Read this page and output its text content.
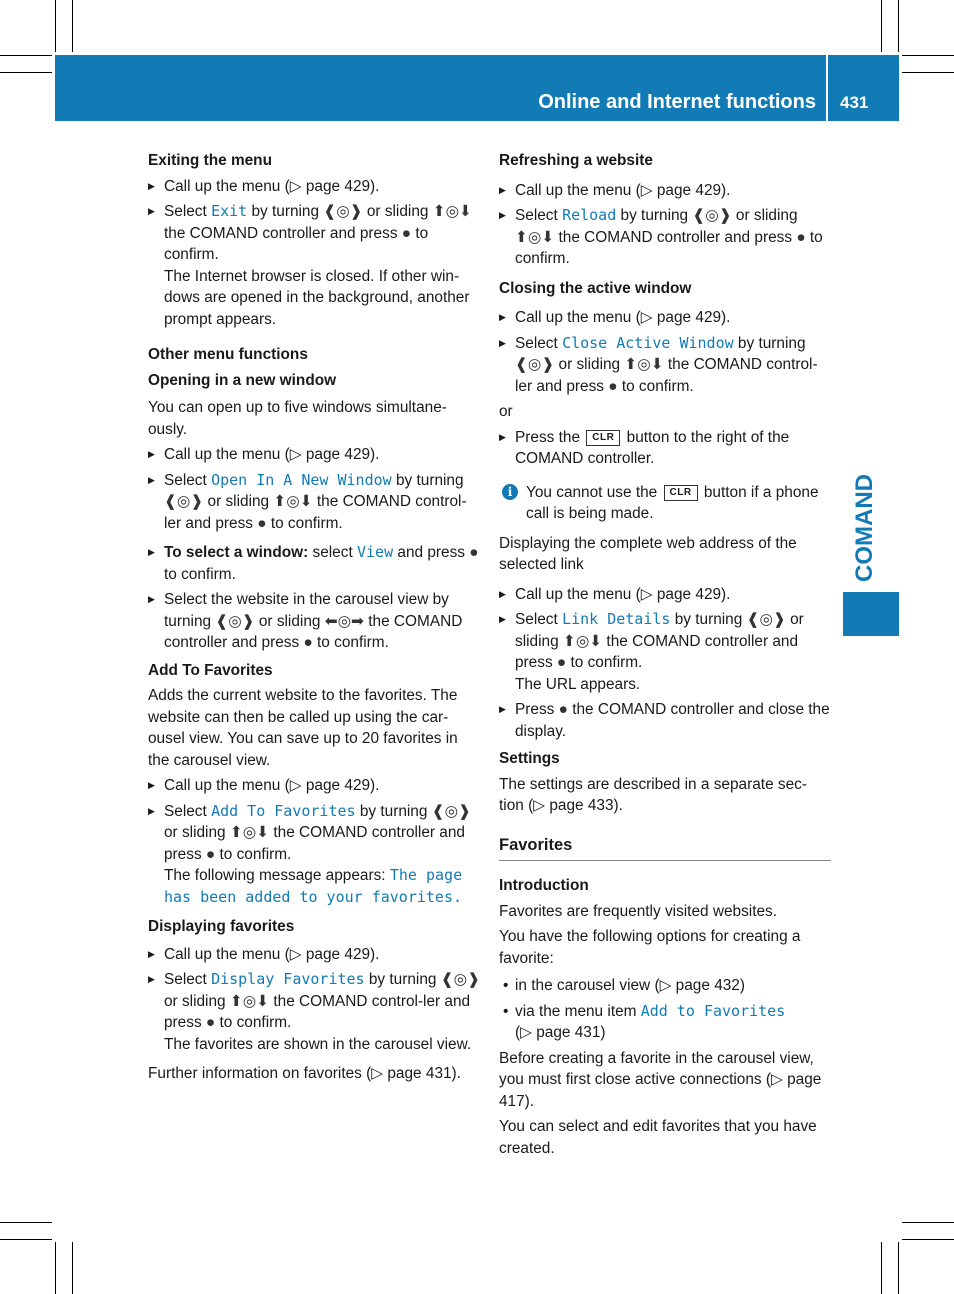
Online and Internet functions 431
COMAND

Exiting the menu

▶ Call up the menu (▷ page 429).

▶ Select Exit by turning ❰◎❱ or sliding ⬆◎⬇ the COMAND controller and press ● to confirm.
The Internet browser is closed. If other win-dows are opened in the background, another prompt appears.

Other menu functions

Opening in a new window

You can open up to five windows simultane-ously.

▶ Call up the menu (▷ page 429).

▶ Select Open In A New Window by turning ❰◎❱ or sliding ⬆◎⬇ the COMAND control-ler and press ● to confirm.

▶ To select a window: select View and press ● to confirm.

▶ Select the website in the carousel view by turning ❰◎❱ or sliding ⬅◎➡ the COMAND controller and press ● to confirm.

Add To Favorites

Adds the current website to the favorites. The website can then be called up using the car-ousel view. You can save up to 20 favorites in the carousel view.

▶ Call up the menu (▷ page 429).

▶ Select Add To Favorites by turning ❰◎❱ or sliding ⬆◎⬇ the COMAND controller and press ● to confirm.
The following message appears: The page has been added to your favorites.

Displaying favorites

▶ Call up the menu (▷ page 429).

▶ Select Display Favorites by turning ❰◎❱ or sliding ⬆◎⬇ the COMAND control-ler and press ● to confirm.
The favorites are shown in the carousel view.

Further information on favorites (▷ page 431).

Refreshing a website

▶ Call up the menu (▷ page 429).

▶ Select Reload by turning ❰◎❱ or sliding ⬆◎⬇ the COMAND controller and press ● to confirm.

Closing the active window

▶ Call up the menu (▷ page 429).

▶ Select Close Active Window by turning ❰◎❱ or sliding ⬆◎⬇ the COMAND control-ler and press ● to confirm.

or

▶ Press the CLR button to the right of the COMAND controller.

i You cannot use the CLR button if a phone call is being made.

Displaying the complete web address of the selected link

▶ Call up the menu (▷ page 429).

▶ Select Link Details by turning ❰◎❱ or sliding ⬆◎⬇ the COMAND controller and press ● to confirm.
The URL appears.

▶ Press ● the COMAND controller and close the display.

Settings

The settings are described in a separate sec-tion (▷ page 433).

Favorites

Introduction

Favorites are frequently visited websites.

You have the following options for creating a favorite:

• in the carousel view (▷ page 432)

• via the menu item Add to Favorites
(▷ page 431)

Before creating a favorite in the carousel view, you must first close active connections (▷ page 417).

You can select and edit favorites that you have created.
